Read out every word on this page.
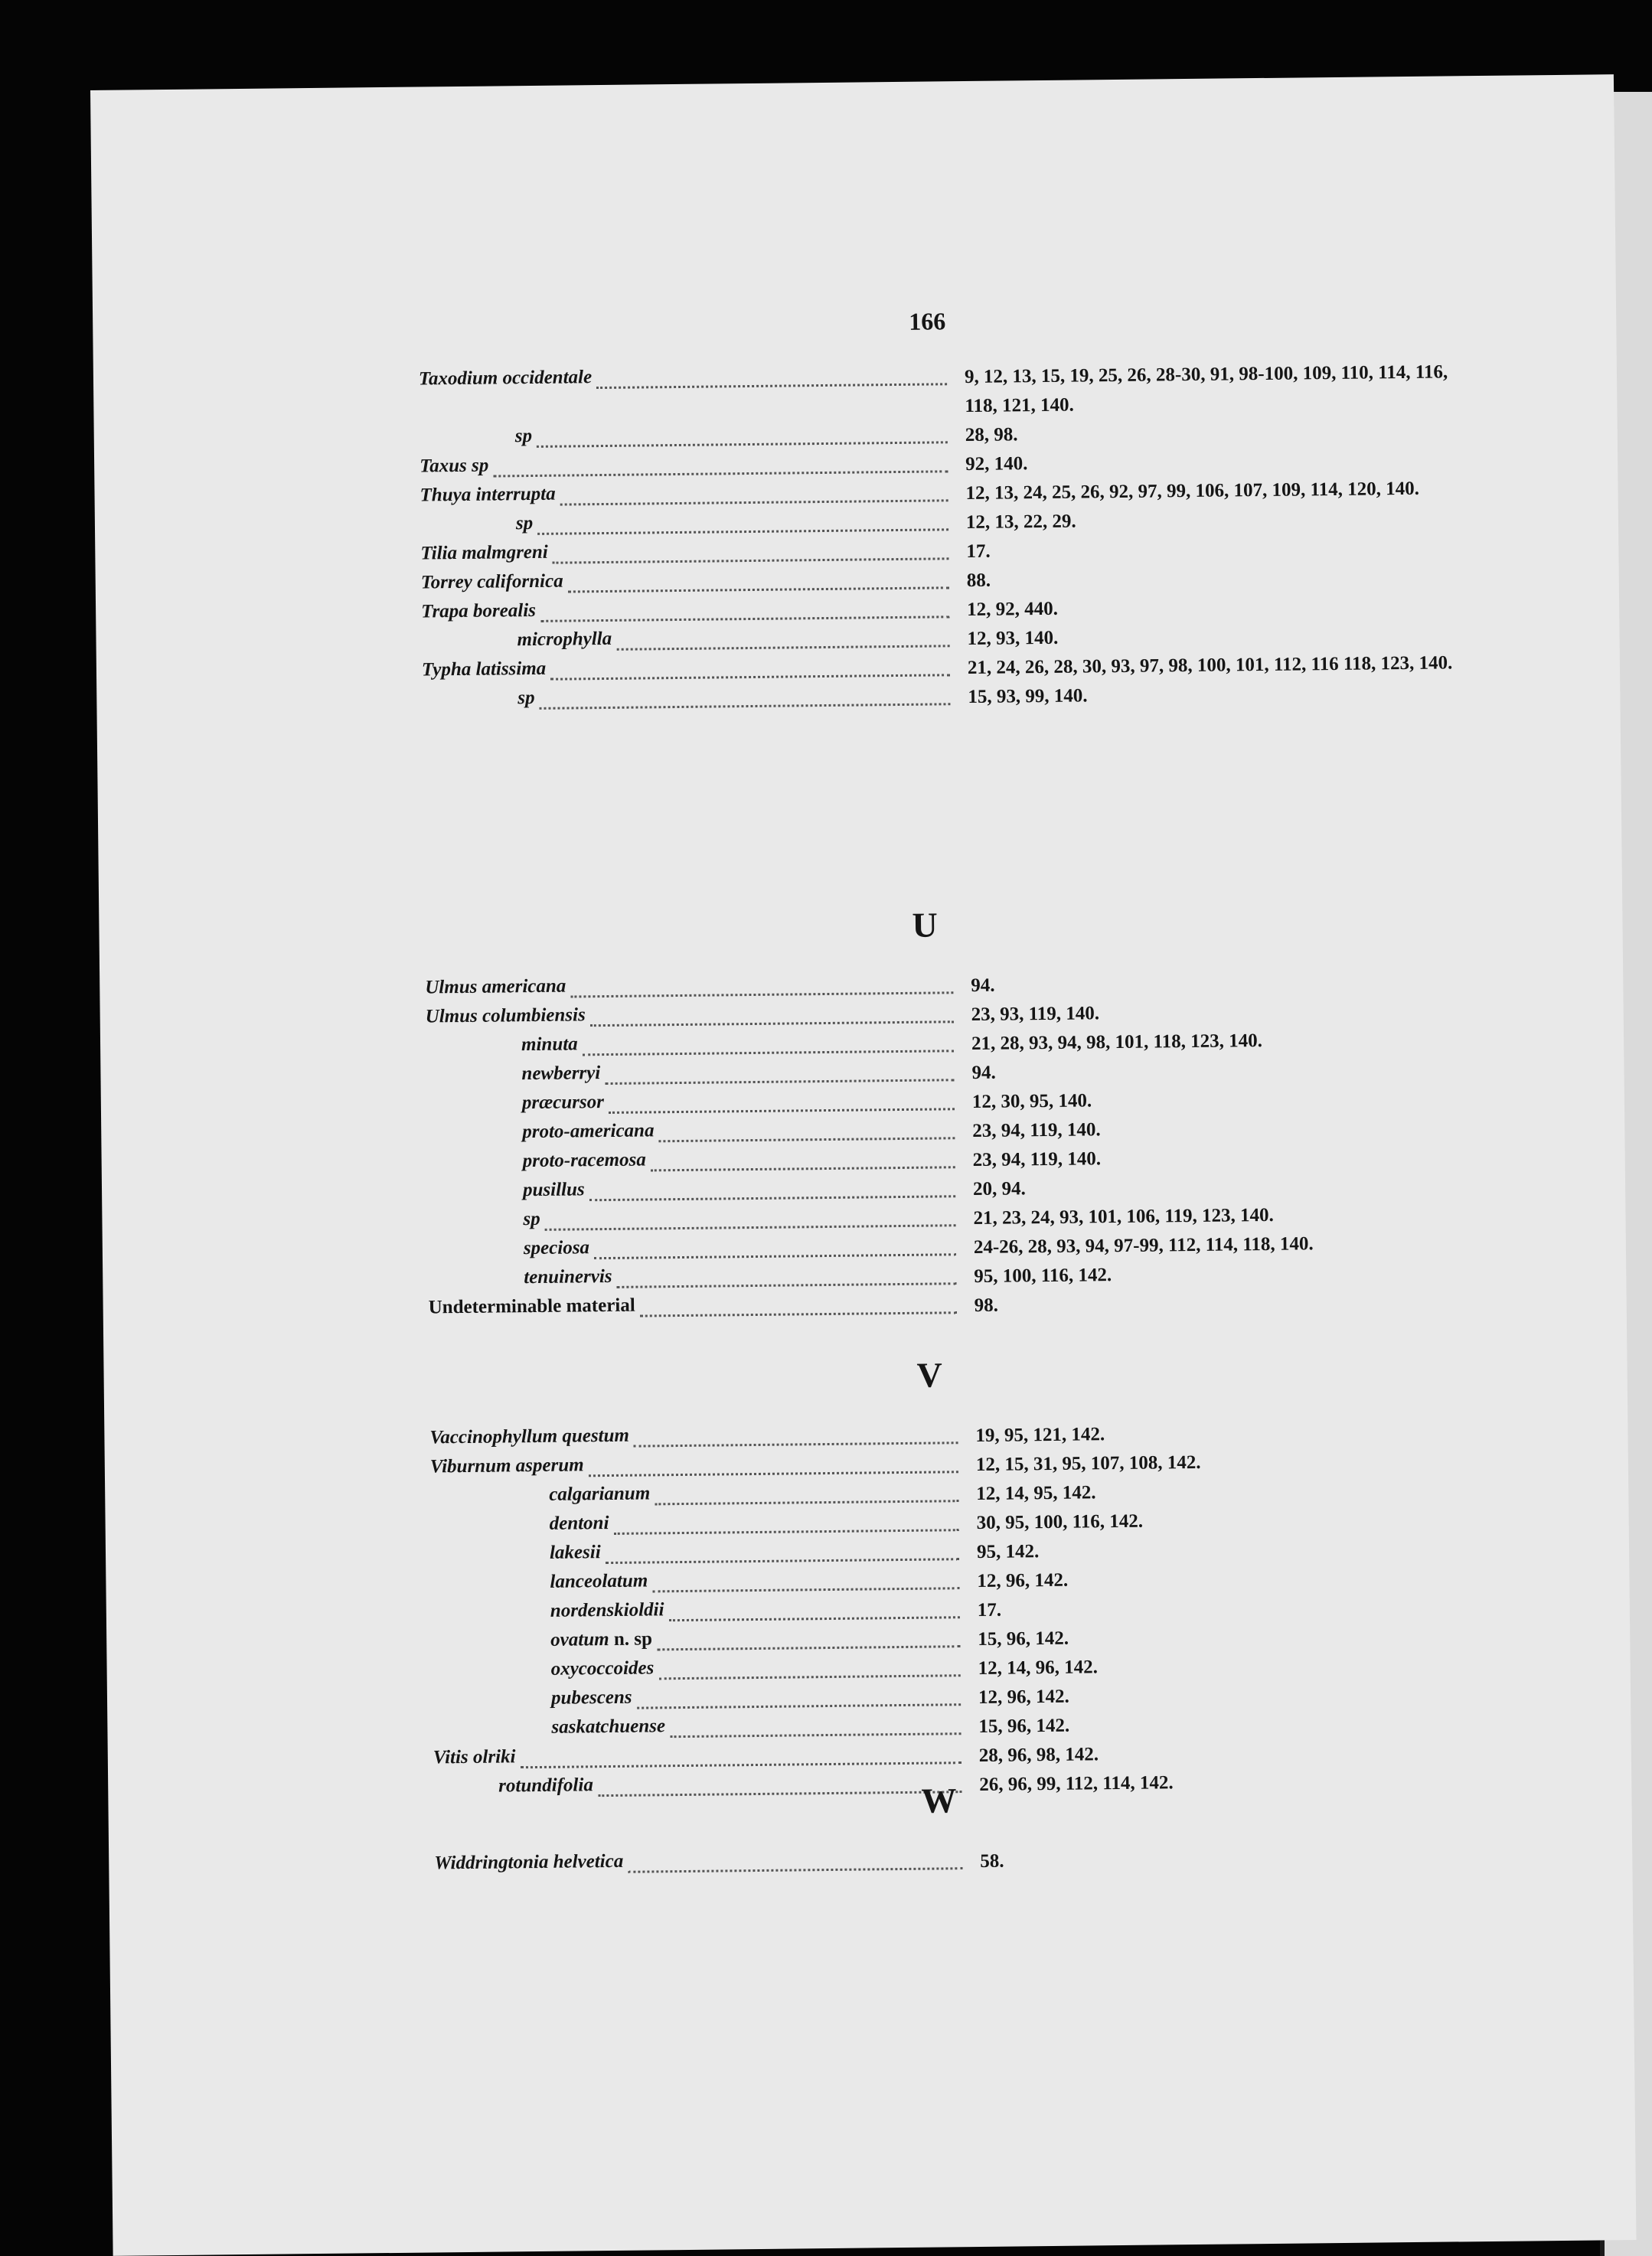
166
Taxodium occidentale	9, 12, 13, 15, 19, 25, 26, 28-30, 91, 98-100, 109, 110, 114, 116, 118, 121, 140.
sp	28, 98.
Taxus sp	92, 140.
Thuya interrupta	12, 13, 24, 25, 26, 92, 97, 99, 106, 107, 109, 114, 120, 140.
sp	12, 13, 22, 29.
Tilia malmgreni	17.
Torrey californica	88.
Trapa borealis	12, 92, 440.
microphylla	12, 93, 140.
Typha latissima	21, 24, 26, 28, 30, 93, 97, 98, 100, 101, 112, 116 118, 123, 140.
sp	15, 93, 99, 140.
U
Ulmus americana	94.
Ulmus columbiensis	23, 93, 119, 140.
minuta	21, 28, 93, 94, 98, 101, 118, 123, 140.
newberryi	94.
præcursor	12, 30, 95, 140.
proto-americana	23, 94, 119, 140.
proto-racemosa	23, 94, 119, 140.
pusillus	20, 94.
sp	21, 23, 24, 93, 101, 106, 119, 123, 140.
speciosa	24-26, 28, 93, 94, 97-99, 112, 114, 118, 140.
tenuinervis	95, 100, 116, 142.
Undeterminable material	98.
V
Vaccinophyllum questum	19, 95, 121, 142.
Viburnum asperum	12, 15, 31, 95, 107, 108, 142.
calgarianum	12, 14, 95, 142.
dentoni	30, 95, 100, 116, 142.
lakesii	95, 142.
lanceolatum	12, 96, 142.
nordenskioldii	17.
ovatum n. sp	15, 96, 142.
oxycoccoides	12, 14, 96, 142.
pubescens	12, 96, 142.
saskatchuense	15, 96, 142.
Vitis olriki	28, 96, 98, 142.
rotundifolia	26, 96, 99, 112, 114, 142.
W
Widdringtonia helvetica	58.
